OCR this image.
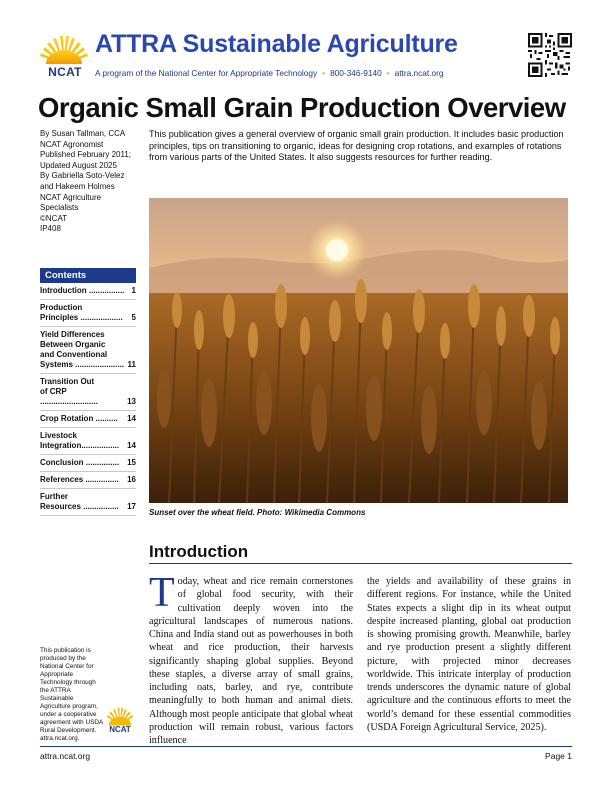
NCAT
ATTRA Sustainable Agriculture
A program of the National Center for Appropriate Technology • 800-346-9140 • attra.ncat.org
Organic Small Grain Production Overview
By Susan Tallman, CCA
NCAT Agronomist
Published February 2011;
Updated August 2025
By Gabriella Soto-Velez
and Hakeem Holmes
NCAT Agriculture
Specialists
©NCAT
IP408
Contents
Introduction ................ 1
Production
Principles ...................	5
Yield Differences
Between Organic
and Conventional
Systems ...................... 11
Transition Out
of CRP ..........................	13
Crop Rotation ..........	14
Livestock
Integration................. 14
Conclusion ............... 15
References ...............	16
Further
Resources ................	17
This publication is produced by the National Center for Appropriate Technology through the ATTRA Sustainable Agriculture program, under a cooperative agreement with USDA Rural Development. attra.ncat.org.
NCAT
This publication gives a general overview of organic small grain production. It includes basic production principles, tips on transitioning to organic, ideas for designing crop rotations, and examples of rotations from various parts of the United States. It also suggests resources for further reading.
Sunset over the wheat field. Photo: Wikimedia Commons
Introduction
Today, wheat and rice remain cornerstones of global food security, with their cultivation deeply woven into the agricultural landscapes of numerous nations. China and India stand out as powerhouses in both wheat and rice production, their harvests significantly shaping global supplies. Beyond these staples, a diverse array of small grains, including oats, barley, and rye, contribute meaningfully to both human and animal diets. Although most people anticipate that global wheat production will remain robust, various factors influence
the yields and availability of these grains in different regions. For instance, while the United States expects a slight dip in its wheat output despite increased planting, global oat production is showing promising growth. Meanwhile, barley and rye production present a slightly different picture, with projected minor decreases worldwide. This intricate interplay of production trends underscores the dynamic nature of global agriculture and the continuous efforts to meet the world’s demand for these essential commodities (USDA Foreign Agricultural Service, 2025).
attra.ncat.org	Page 1
